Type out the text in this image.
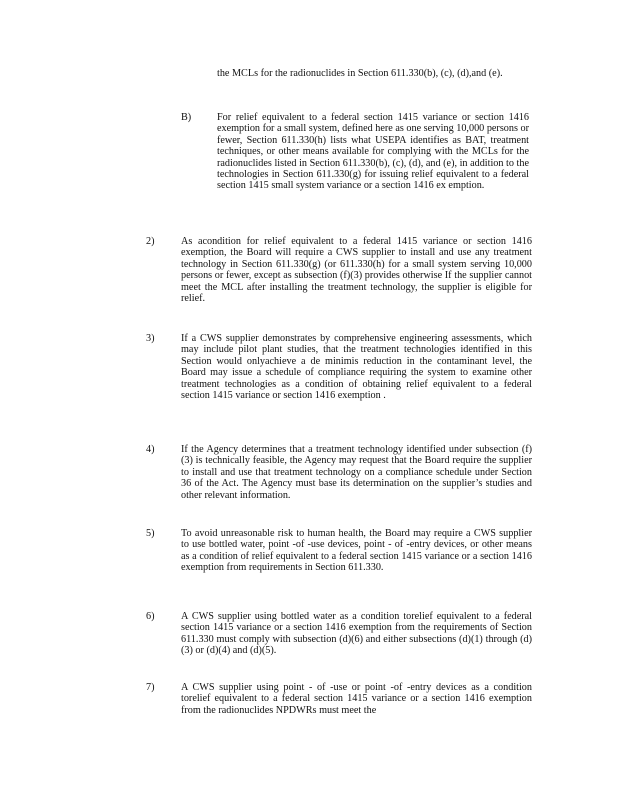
the MCLs for the radionuclides in Section 611.330(b), (c), (d),and (e).
B)	For relief equivalent to a federal section 1415 variance or section 1416 exemption for a small system, defined here as one serving 10,000 persons or fewer, Section 611.330(h) lists what USEPA identifies as BAT, treatment techniques, or other means available for complying with the MCLs for the radionuclides listed in Section 611.330(b), (c), (d), and (e), in addition to the technologies in Section 611.330(g) for issuing relief equivalent to a federal section 1415 small system variance or a section 1416 ex emption.
2)	As acondition for relief equivalent to a federal 1415 variance or section 1416 exemption, the Board will require a CWS supplier to install and use any treatment technology in Section 611.330(g) (or 611.330(h) for a small system serving 10,000 persons or fewer, except as subsection (f)(3) provides otherwise If the supplier cannot meet the MCL after installing the treatment technology, the supplier is eligible for relief.
3)	If a CWS supplier demonstrates by comprehensive engineering assessments, which may include pilot plant studies, that the treatment technologies identified in this Section would onlyachieve a de minimis reduction in the contaminant level, the Board may issue a schedule of compliance requiring the system to examine other treatment technologies as a condition of obtaining relief equivalent to a federal section 1415 variance or section 1416 exemption .
4)	If the Agency determines that a treatment technology identified under subsection (f)(3) is technically feasible, the Agency may request that the Board require the supplier to install and use that treatment technology on a compliance schedule under Section 36 of the Act. The Agency must base its determination on the supplier’s studies and other relevant information.
5)	To avoid unreasonable risk to human health, the Board may require a CWS supplier to use bottled water, point -of -use devices, point - of -entry devices, or other means as a condition of relief equivalent to a federal section 1415 variance or a section 1416 exemption from requirements in Section 611.330.
6)	A CWS supplier using bottled water as a condition torelief equivalent to a federal section 1415 variance or a section 1416 exemption from the requirements of Section 611.330 must comply with subsection (d)(6) and either subsections (d)(1) through (d)(3) or (d)(4) and (d)(5).
7)	A CWS supplier using point - of -use or point -of -entry devices as a condition torelief equivalent to a federal section 1415 variance or a section 1416 exemption from the radionuclides NPDWRs must meet the
